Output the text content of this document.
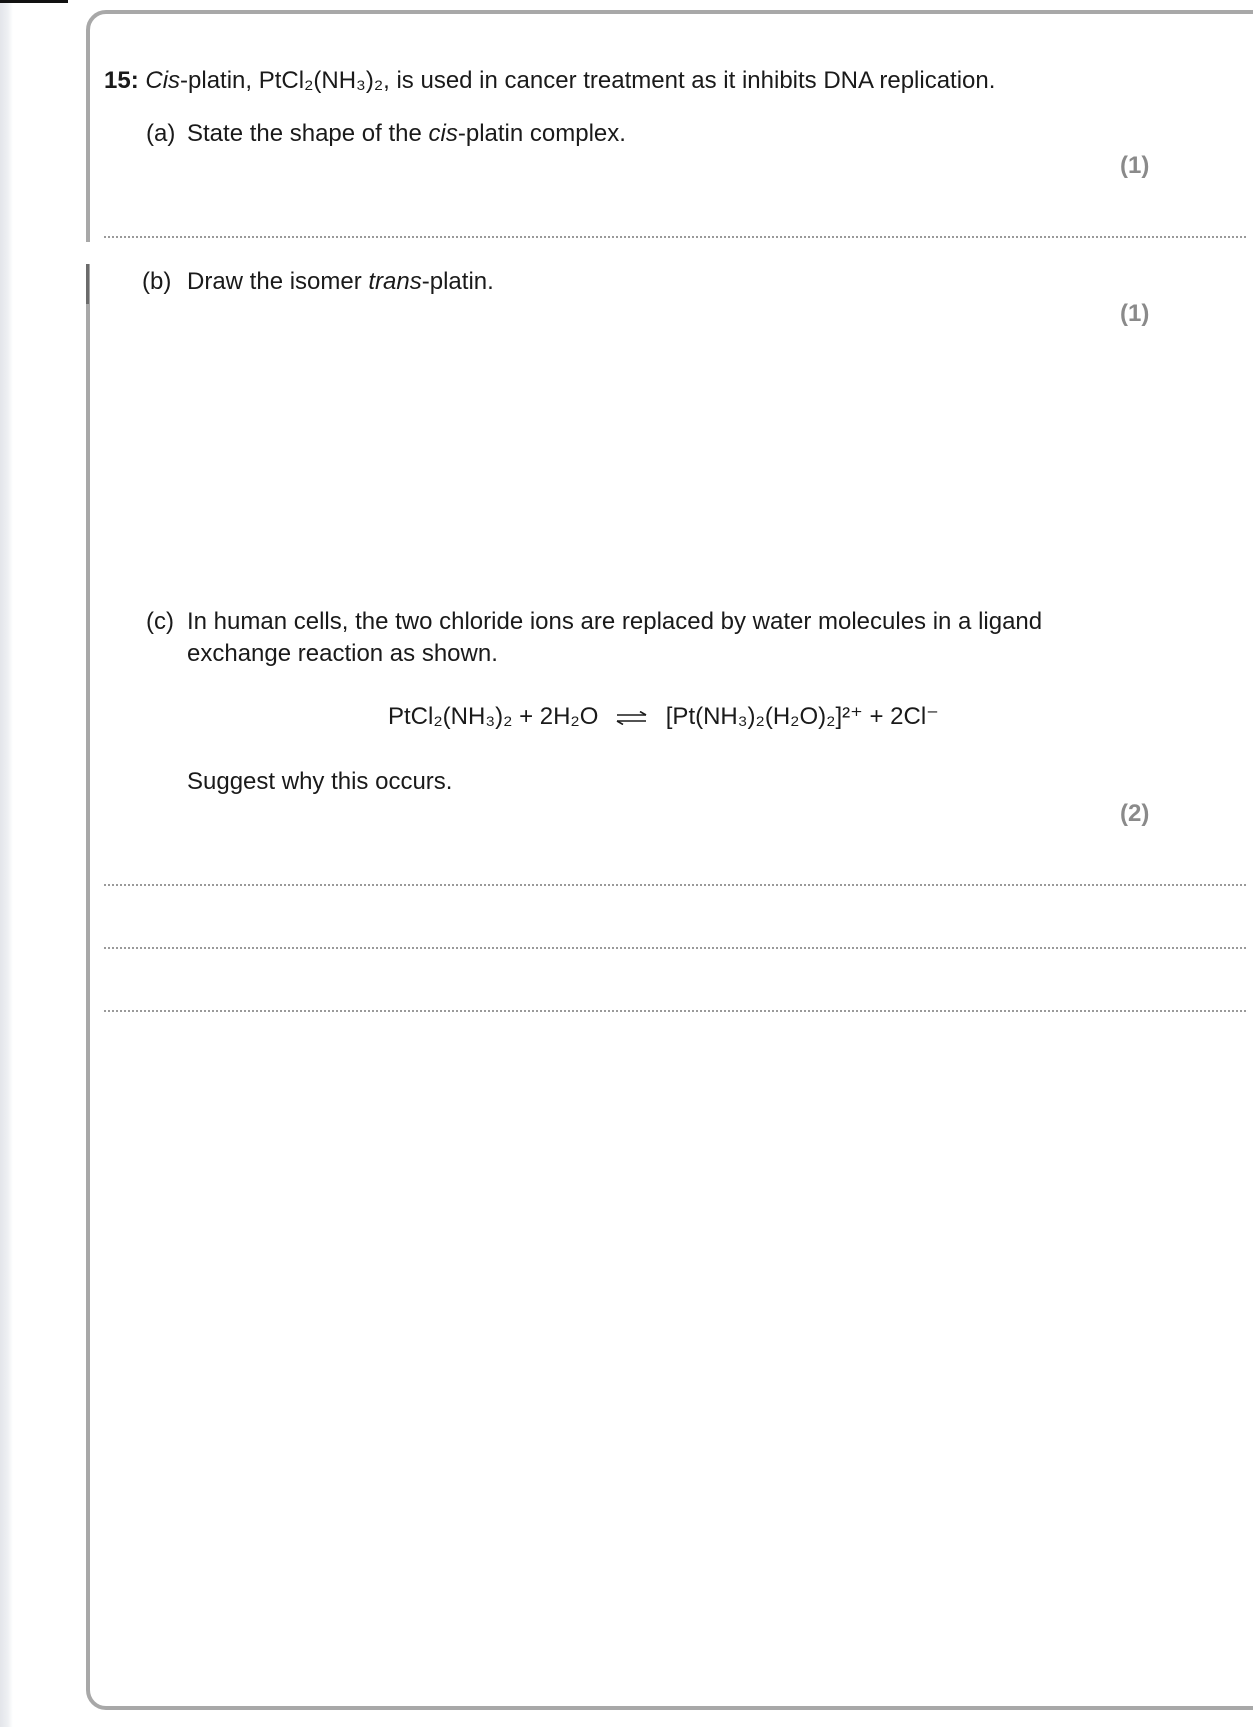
15: Cis-platin, PtCl₂(NH₃)₂, is used in cancer treatment as it inhibits DNA replication.
(a) State the shape of the cis-platin complex.
(1)
(b) Draw the isomer trans-platin.
(1)
(c) In human cells, the two chloride ions are replaced by water molecules in a ligand
exchange reaction as shown.
PtCl₂(NH₃)₂ + 2H₂O ⇌ [Pt(NH₃)₂(H₂O)₂]²⁺ + 2Cl⁻
Suggest why this occurs.
(2)
